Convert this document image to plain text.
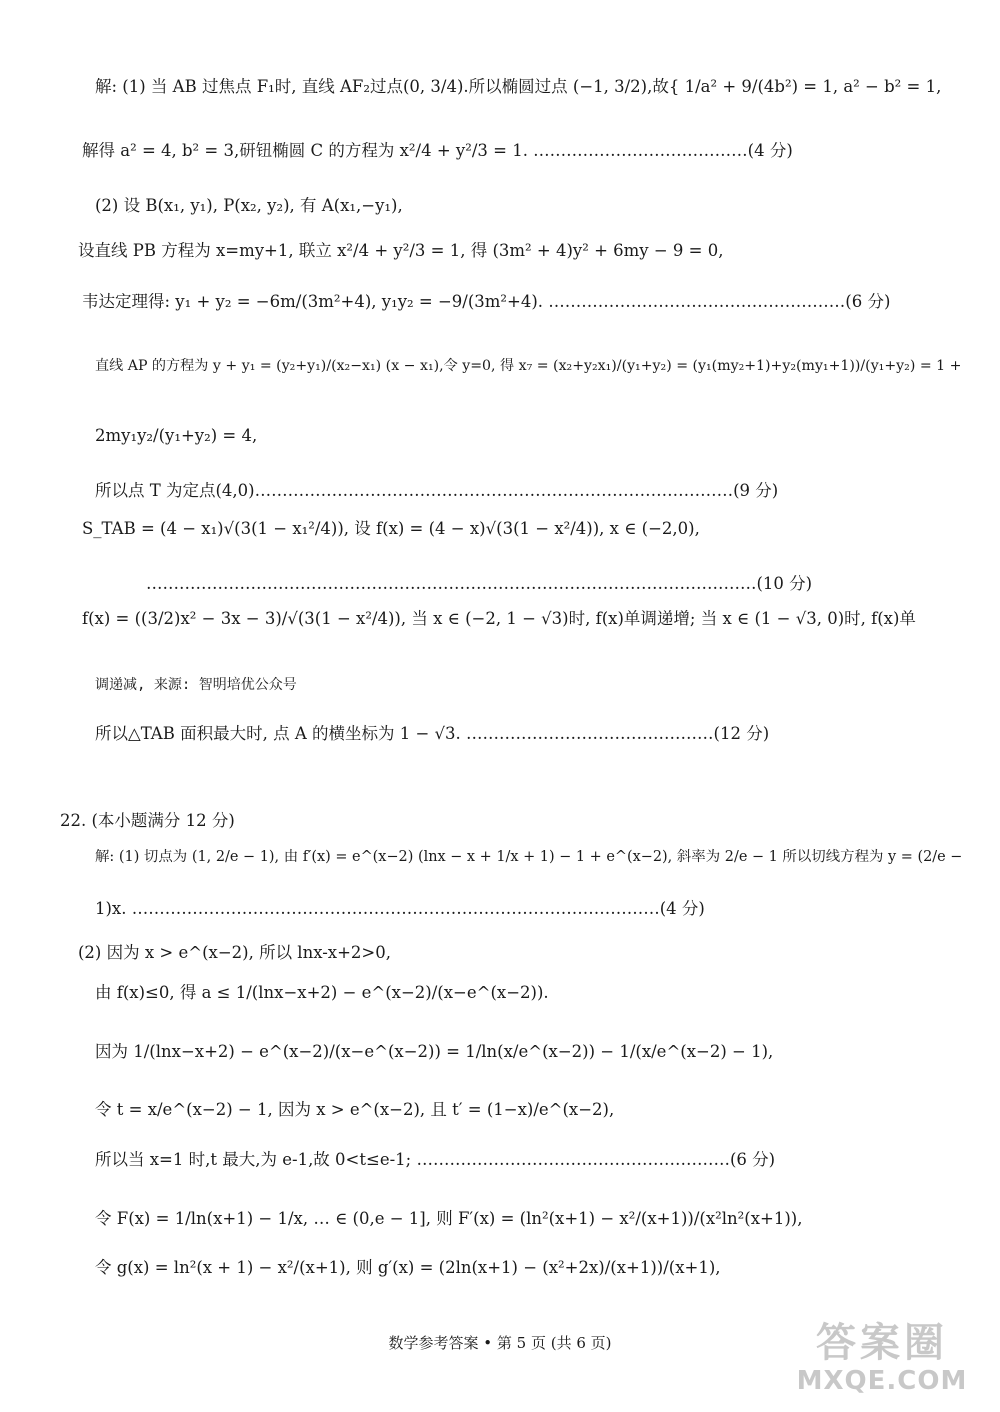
解: (1) 当 AB 过焦点 F₁时, 直线 AF₂过点(0, 3/4).所以椭圆过点 (−1, 3/2),故{ 1/a² + 9/(4b²) = 1, a² − b² = 1,
解得 a² = 4, b² = 3,研钮椭圆 C 的方程为 x²/4 + y²/3 = 1. …………………………………(4 分)
(2) 设 B(x₁, y₁), P(x₂, y₂), 有 A(x₁,−y₁),
设直线 PB 方程为 x=my+1, 联立 x²/4 + y²/3 = 1, 得 (3m² + 4)y² + 6my − 9 = 0,
韦达定理得: y₁ + y₂ = −6m/(3m²+4), y₁y₂ = −9/(3m²+4). ………………………………………………(6 分)
直线 AP 的方程为 y + y₁ = (y₂+y₁)/(x₂−x₁) (x − x₁),令 y=0, 得 x₇ = (x₂+y₂x₁)/(y₁+y₂) = (y₁(my₂+1)+y₂(my₁+1))/(y₁+y₂) = 1 +
2my₁y₂/(y₁+y₂) = 4,
所以点 T 为定点(4,0)……………………………………………………………………………(9 分)
S_TAB = (4 − x₁)√(3(1 − x₁²/4)), 设 f(x) = (4 − x)√(3(1 − x²/4)), x ∈ (−2,0),
…………………………………………………………………………………………………(10 分)
f(x) = ((3/2)x² − 3x − 3)/√(3(1 − x²/4)), 当 x ∈ (−2, 1 − √3)时, f(x)单调递增; 当 x ∈ (1 − √3, 0)时, f(x)单
调递减, 来源: 智明培优公众号
所以△TAB 面积最大时, 点 A 的横坐标为 1 − √3. ………………………………………(12 分)
22. (本小题满分 12 分)
解: (1) 切点为 (1, 2/e − 1), 由 f′(x) = e^(x−2) (lnx − x + 1/x + 1) − 1 + e^(x−2), 斜率为 2/e − 1 所以切线方程为 y = (2/e −
1)x. ……………………………………………………………………………………(4 分)
(2) 因为 x > e^(x−2), 所以 lnx-x+2>0,
由 f(x)≤0, 得 a ≤ 1/(lnx−x+2) − e^(x−2)/(x−e^(x−2)).
因为 1/(lnx−x+2) − e^(x−2)/(x−e^(x−2)) = 1/ln(x/e^(x−2)) − 1/(x/e^(x−2) − 1),
令 t = x/e^(x−2) − 1, 因为 x > e^(x−2), 且 t′ = (1−x)/e^(x−2),
所以当 x=1 时,t 最大,为 e-1,故 0<t≤e-1; …………………………………………………(6 分)
令 F(x) = 1/ln(x+1) − 1/x, … ∈ (0,e − 1], 则 F′(x) = (ln²(x+1) − x²/(x+1))/(x²ln²(x+1)),
令 g(x) = ln²(x + 1) − x²/(x+1), 则 g′(x) = (2ln(x+1) − (x²+2x)/(x+1))/(x+1),
数学参考答案 • 第 5 页 (共 6 页)	答案圈
MXQE.COM
